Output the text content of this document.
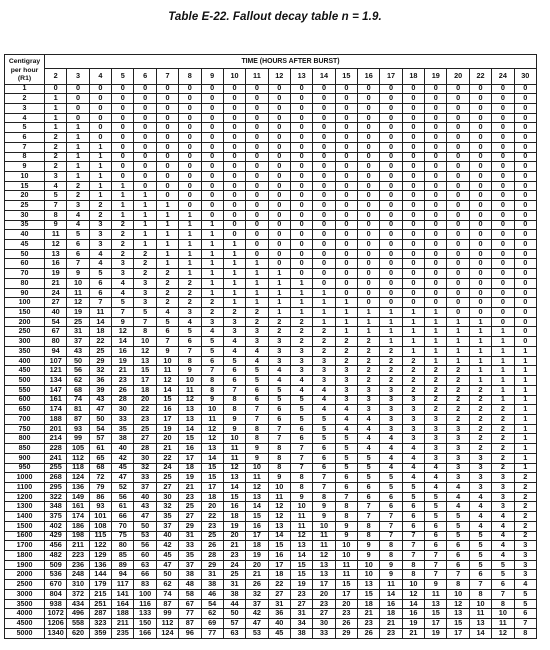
Table E-22. Fallout decay table n = 1.9.
Centigray
per hour
(R1)	TIME (HOURS AFTER BURST)																					
	2	3	4	5	6	7	8	9	10	11	12	13	14	15	16	17	18	19	20	22	24	30
1	0	0	0	0	0	0	0	0	0	0	0	0	0	0	0	0	0	0	0	0	0	0
2	1	0	0	0	0	0	0	0	0	0	0	0	0	0	0	0	0	0	0	0	0	0
3	1	0	0	0	0	0	0	0	0	0	0	0	0	0	0	0	0	0	0	0	0	0
4	1	0	0	0	0	0	0	0	0	0	0	0	0	0	0	0	0	0	0	0	0	0
5	1	1	0	0	0	0	0	0	0	0	0	0	0	0	0	0	0	0	0	0	0	0
6	2	1	0	0	0	0	0	0	0	0	0	0	0	0	0	0	0	0	0	0	0	0
7	2	1	1	0	0	0	0	0	0	0	0	0	0	0	0	0	0	0	0	0	0	0
8	2	1	1	0	0	0	0	0	0	0	0	0	0	0	0	0	0	0	0	0	0	0
9	2	1	1	0	0	0	0	0	0	0	0	0	0	0	0	0	0	0	0	0	0	0
10	3	1	1	0	0	0	0	0	0	0	0	0	0	0	0	0	0	0	0	0	0	0
15	4	2	1	1	0	0	0	0	0	0	0	0	0	0	0	0	0	0	0	0	0	0
20	5	2	1	1	1	0	0	0	0	0	0	0	0	0	0	0	0	0	0	0	0	0
25	7	3	2	1	1	1	0	0	0	0	0	0	0	0	0	0	0	0	0	0	0	0
30	8	4	2	1	1	1	1	0	0	0	0	0	0	0	0	0	0	0	0	0	0	0
35	9	4	3	2	1	1	1	1	0	0	0	0	0	0	0	0	0	0	0	0	0	0
40	11	5	3	2	1	1	1	1	0	0	0	0	0	0	0	0	0	0	0	0	0	0
45	12	6	3	2	1	1	1	1	1	0	0	0	0	0	0	0	0	0	0	0	0	0
50	13	6	4	2	2	1	1	1	1	0	0	0	0	0	0	0	0	0	0	0	0	0
60	16	7	4	3	2	1	1	1	1	1	0	0	0	0	0	0	0	0	0	0	0	0
70	19	9	5	3	2	2	1	1	1	1	1	0	0	0	0	0	0	0	0	0	0	0
80	21	10	6	4	3	2	2	1	1	1	1	1	0	0	0	0	0	0	0	0	0	0
90	24	11	6	4	3	2	2	1	1	1	1	1	1	0	0	0	0	0	0	0	0	0
100	27	12	7	5	3	2	2	2	1	1	1	1	1	1	0	0	0	0	0	0	0	0
150	40	19	11	7	5	4	3	2	2	2	1	1	1	1	1	1	1	1	0	0	0	0
200	54	25	14	9	7	5	4	3	3	2	2	2	1	1	1	1	1	1	1	1	0	0
250	67	31	18	12	8	6	5	4	3	3	2	2	2	1	1	1	1	1	1	1	1	0
300	80	37	22	14	10	7	6	5	4	3	3	2	2	2	2	1	1	1	1	1	1	0
350	94	43	25	16	12	9	7	5	4	4	3	3	2	2	2	2	1	1	1	1	1	1
400	107	50	29	19	13	10	8	6	5	4	3	3	3	2	2	2	2	1	1	1	1	1
450	121	56	32	21	15	11	9	7	6	5	4	3	3	3	2	2	2	2	2	1	1	1
500	134	62	36	23	17	12	10	8	6	5	4	4	3	3	2	2	2	2	2	1	1	1
550	147	68	39	26	18	14	11	8	7	6	5	4	4	3	3	3	2	2	2	2	1	1
600	161	74	43	28	20	15	12	9	8	6	5	5	4	3	3	3	3	2	2	2	1	1
650	174	81	47	30	22	16	13	10	8	7	6	5	4	4	3	3	3	2	2	2	2	1
700	188	87	50	33	23	17	13	11	9	7	6	5	5	4	4	3	3	3	2	2	2	1
750	201	93	54	35	25	19	14	12	9	8	7	6	5	4	4	3	3	3	3	2	2	1
800	214	99	57	38	27	20	15	12	10	8	7	6	5	5	4	4	3	3	3	2	2	1
850	228	105	61	40	28	21	16	13	11	9	8	7	6	5	4	4	4	3	3	2	2	1
900	241	112	65	42	30	22	17	14	11	9	8	7	6	5	5	4	4	3	3	3	2	1
950	255	118	68	45	32	24	18	15	12	10	8	7	6	5	5	4	4	4	3	3	2	1
1000	268	124	72	47	33	25	19	15	13	11	9	8	7	6	5	5	4	4	3	3	3	2
1100	295	136	79	52	37	27	21	17	14	12	10	8	7	6	6	5	5	4	4	3	3	2
1200	322	149	86	56	40	30	23	18	15	13	11	9	8	7	6	6	5	5	4	4	3	2
1300	348	161	93	61	43	32	25	20	16	14	12	10	9	8	7	6	6	5	4	4	3	2
1400	375	174	101	66	47	35	27	22	18	15	12	11	9	8	7	7	6	5	5	4	4	2
1500	402	186	108	70	50	37	29	23	19	16	13	11	10	9	8	7	6	6	5	4	4	2
1600	429	198	115	75	53	40	31	25	20	17	14	12	11	9	8	7	7	6	5	5	4	2
1700	456	211	122	80	56	42	33	26	21	18	15	13	11	10	9	8	7	6	6	5	4	3
1800	482	223	129	85	60	45	35	28	23	19	16	14	12	10	9	8	7	7	6	5	4	3
1900	509	236	136	89	63	47	37	29	24	20	17	15	13	11	10	9	8	7	6	5	5	3
2000	536	248	144	94	66	50	38	31	25	21	18	15	13	11	10	9	8	7	7	6	5	3
2500	670	310	179	117	83	62	48	38	31	26	22	19	17	15	13	11	10	9	8	7	6	4
3000	804	372	215	141	100	74	58	46	38	32	27	23	20	17	15	14	12	11	10	8	7	5
3500	938	434	251	164	116	87	67	54	44	37	31	27	23	20	18	16	14	13	12	10	8	5
4000	1072	496	287	188	133	99	77	62	50	42	36	31	27	23	21	18	16	15	13	11	10	6
4500	1206	558	323	211	150	112	87	69	57	47	40	34	30	26	23	21	19	17	15	13	11	7
5000	1340	620	359	235	166	124	96	77	63	53	45	38	33	29	26	23	21	19	17	14	12	8
